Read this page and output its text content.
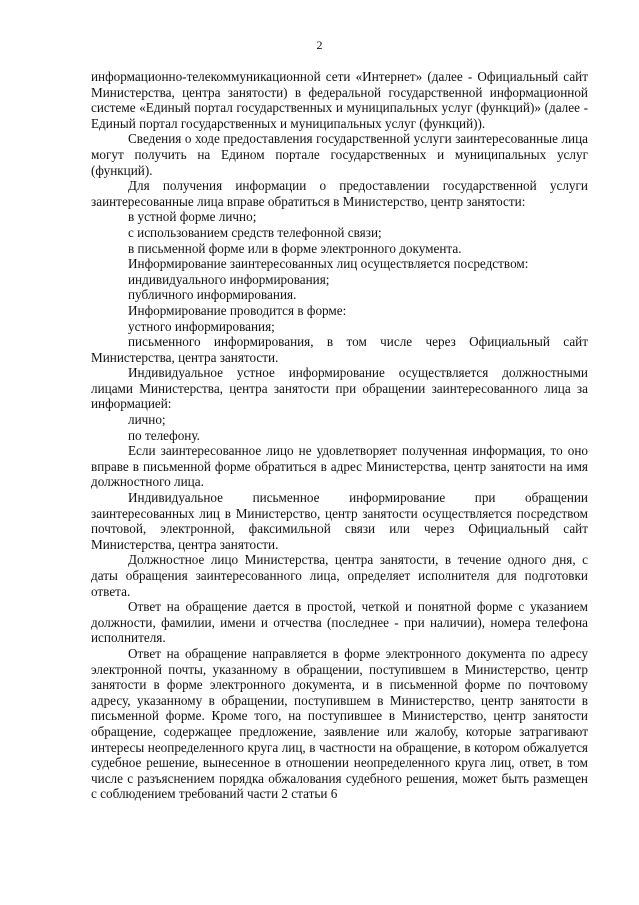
2

информационно-телекоммуникационной сети «Интернет» (далее - Официальный сайт Министерства, центра занятости) в федеральной государственной информационной системе «Единый портал государственных и муниципальных услуг (функций)» (далее - Единый портал государственных и муниципальных услуг (функций)).

Сведения о ходе предоставления государственной услуги заинтересованные лица могут получить на Едином портале государственных и муниципальных услуг (функций).

Для получения информации о предоставлении государственной услуги заинтересованные лица вправе обратиться в Министерство, центр занятости:

в устной форме лично;

с использованием средств телефонной связи;

в письменной форме или в форме электронного документа.

Информирование заинтересованных лиц осуществляется посредством:

индивидуального информирования;

публичного информирования.

Информирование проводится в форме:

устного информирования;

письменного информирования, в том числе через Официальный сайт Министерства, центра занятости.

Индивидуальное устное информирование осуществляется должностными лицами Министерства, центра занятости при обращении заинтересованного лица за информацией:

лично;

по телефону.

Если заинтересованное лицо не удовлетворяет полученная информация, то оно вправе в письменной форме обратиться в адрес Министерства, центр занятости на имя должностного лица.

Индивидуальное письменное информирование при обращении заинтересованных лиц в Министерство, центр занятости осуществляется посредством почтовой, электронной, факсимильной связи или через Официальный сайт Министерства, центра занятости.

Должностное лицо Министерства, центра занятости, в течение одного дня, с даты обращения заинтересованного лица, определяет исполнителя для подготовки ответа.

Ответ на обращение дается в простой, четкой и понятной форме с указанием должности, фамилии, имени и отчества (последнее - при наличии), номера телефона исполнителя.

Ответ на обращение направляется в форме электронного документа по адресу электронной почты, указанному в обращении, поступившем в Министерство, центр занятости в форме электронного документа, и в письменной форме по почтовому адресу, указанному в обращении, поступившем в Министерство, центр занятости в письменной форме. Кроме того, на поступившее в Министерство, центр занятости обращение, содержащее предложение, заявление или жалобу, которые затрагивают интересы неопределенного круга лиц, в частности на обращение, в котором обжалуется судебное решение, вынесенное в отношении неопределенного круга лиц, ответ, в том числе с разъяснением порядка обжалования судебного решения, может быть размещен с соблюдением требований части 2 статьи 6
